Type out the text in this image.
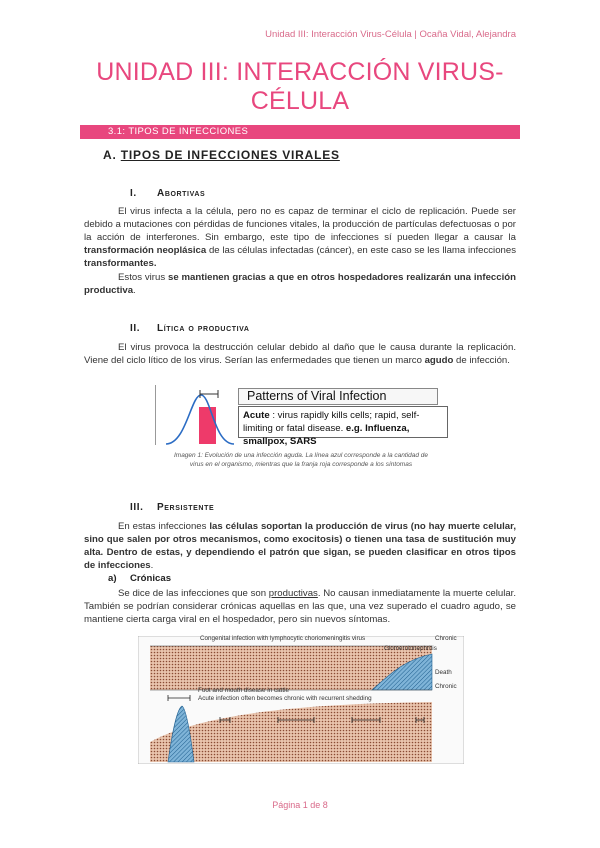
Unidad III: Interacción Virus-Célula | Ocaña Vidal, Alejandra
UNIDAD III: INTERACCIÓN VIRUS-
CÉLULA
3.1: TIPOS DE INFECCIONES
A. TIPOS DE INFECCIONES VIRALES
I. Abortivas
El virus infecta a la célula, pero no es capaz de terminar el ciclo de replicación. Puede ser debido a mutaciones con pérdidas de funciones vitales, la producción de partículas defectuosas o por la acción de interferones. Sin embargo, este tipo de infecciones sí pueden llegar a causar la transformación neoplásica de las células infectadas (cáncer), en este caso se les llama infecciones transformantes.
Estos virus se mantienen gracias a que en otros hospedadores realizarán una infección productiva.
II. Lítica o productiva
El virus provoca la destrucción celular debido al daño que le causa durante la replicación. Viene del ciclo lítico de los virus. Serían las enfermedades que tienen un marco agudo de infección.
Patterns of Viral Infection
Acute : virus rapidly kills cells; rapid, self-limiting or fatal disease. e.g. Influenza, smallpox, SARS
Imagen 1: Evolución de una infección aguda. La línea azul corresponde a la cantidad de virus en el organismo, mientras que la franja roja corresponde a los síntomas
III. Persistente
En estas infecciones las células soportan la producción de virus (no hay muerte celular, sino que salen por otros mecanismos, como exocitosis) o tienen una tasa de sustitución muy alta. Dentro de estas, y dependiendo el patrón que sigan, se pueden clasificar en otros tipos de infecciones.
a) Crónicas
Se dice de las infecciones que son productivas. No causan inmediatamente la muerte celular. También se podrían considerar crónicas aquellas en las que, una vez superado el cuadro agudo, se mantiene cierta carga viral en el hospedador, pero sin nuevos síntomas.
Congenital infection with lymphocytic choriomeningitis virus	Chronic
Glomerulonephritis
Death
Chronic
Foot and mouth disease in cattle
Acute infection often becomes chronic with recurrent shedding
Página 1 de 8
